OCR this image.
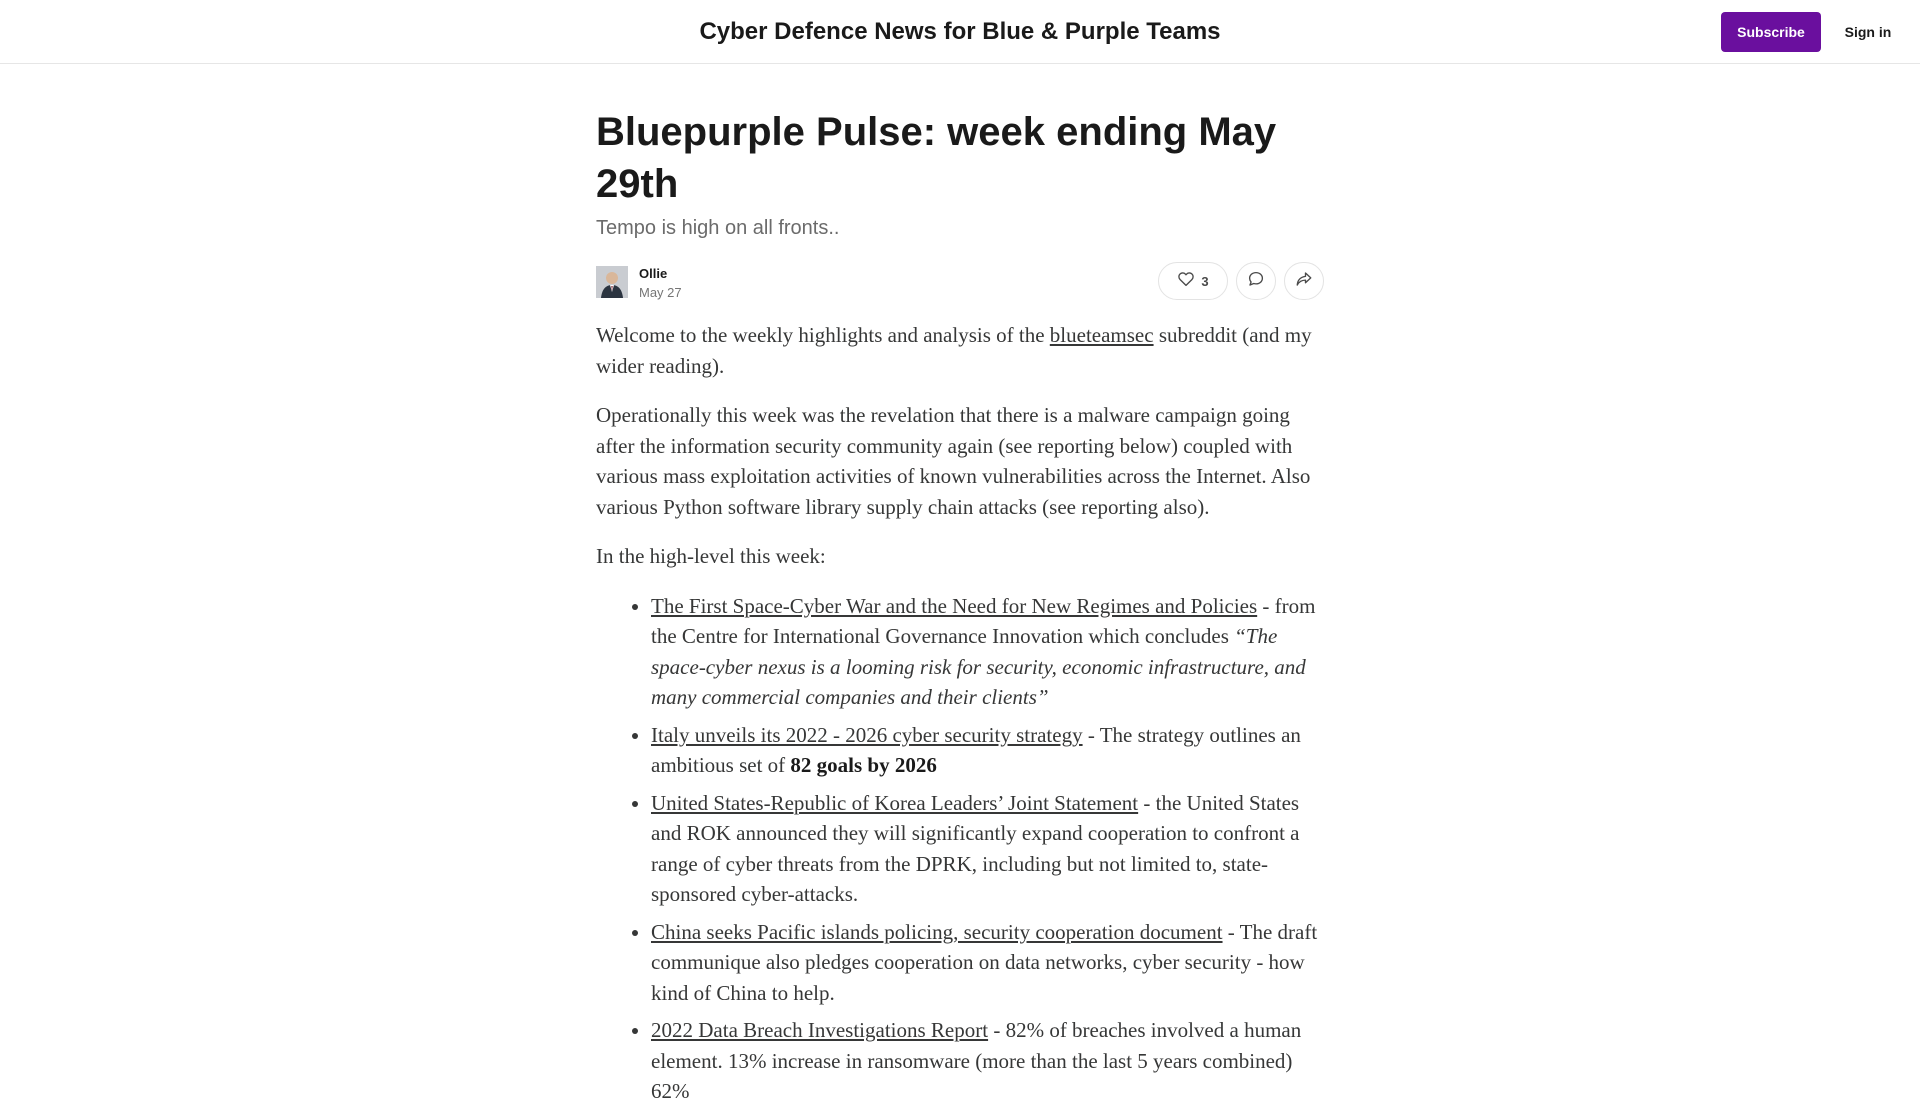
Cyber Defence News for Blue & Purple Teams	Subscribe	Sign in
Bluepurple Pulse: week ending May 29th
Tempo is high on all fronts..
Ollie
May 27
3

Welcome to the weekly highlights and analysis of the blueteamsec subreddit (and my wider reading).

Operationally this week was the revelation that there is a malware campaign going after the information security community again (see reporting below) coupled with various mass exploitation activities of known vulnerabilities across the Internet. Also various Python software library supply chain attacks (see reporting also).

In the high-level this week:

• The First Space-Cyber War and the Need for New Regimes and Policies - from the Centre for International Governance Innovation which concludes “The space-cyber nexus is a looming risk for security, economic infrastructure, and many commercial companies and their clients”
• Italy unveils its 2022 - 2026 cyber security strategy - The strategy outlines an ambitious set of 82 goals by 2026
• United States-Republic of Korea Leaders’ Joint Statement - the United States and ROK announced they will significantly expand cooperation to confront a range of cyber threats from the DPRK, including but not limited to, state-sponsored cyber-attacks.
• China seeks Pacific islands policing, security cooperation document - The draft communique also pledges cooperation on data networks, cyber security - how kind of China to help.
• 2022 Data Breach Investigations Report - 82% of breaches involved a human element. 13% increase in ransomware (more than the last 5 years combined) 62%
